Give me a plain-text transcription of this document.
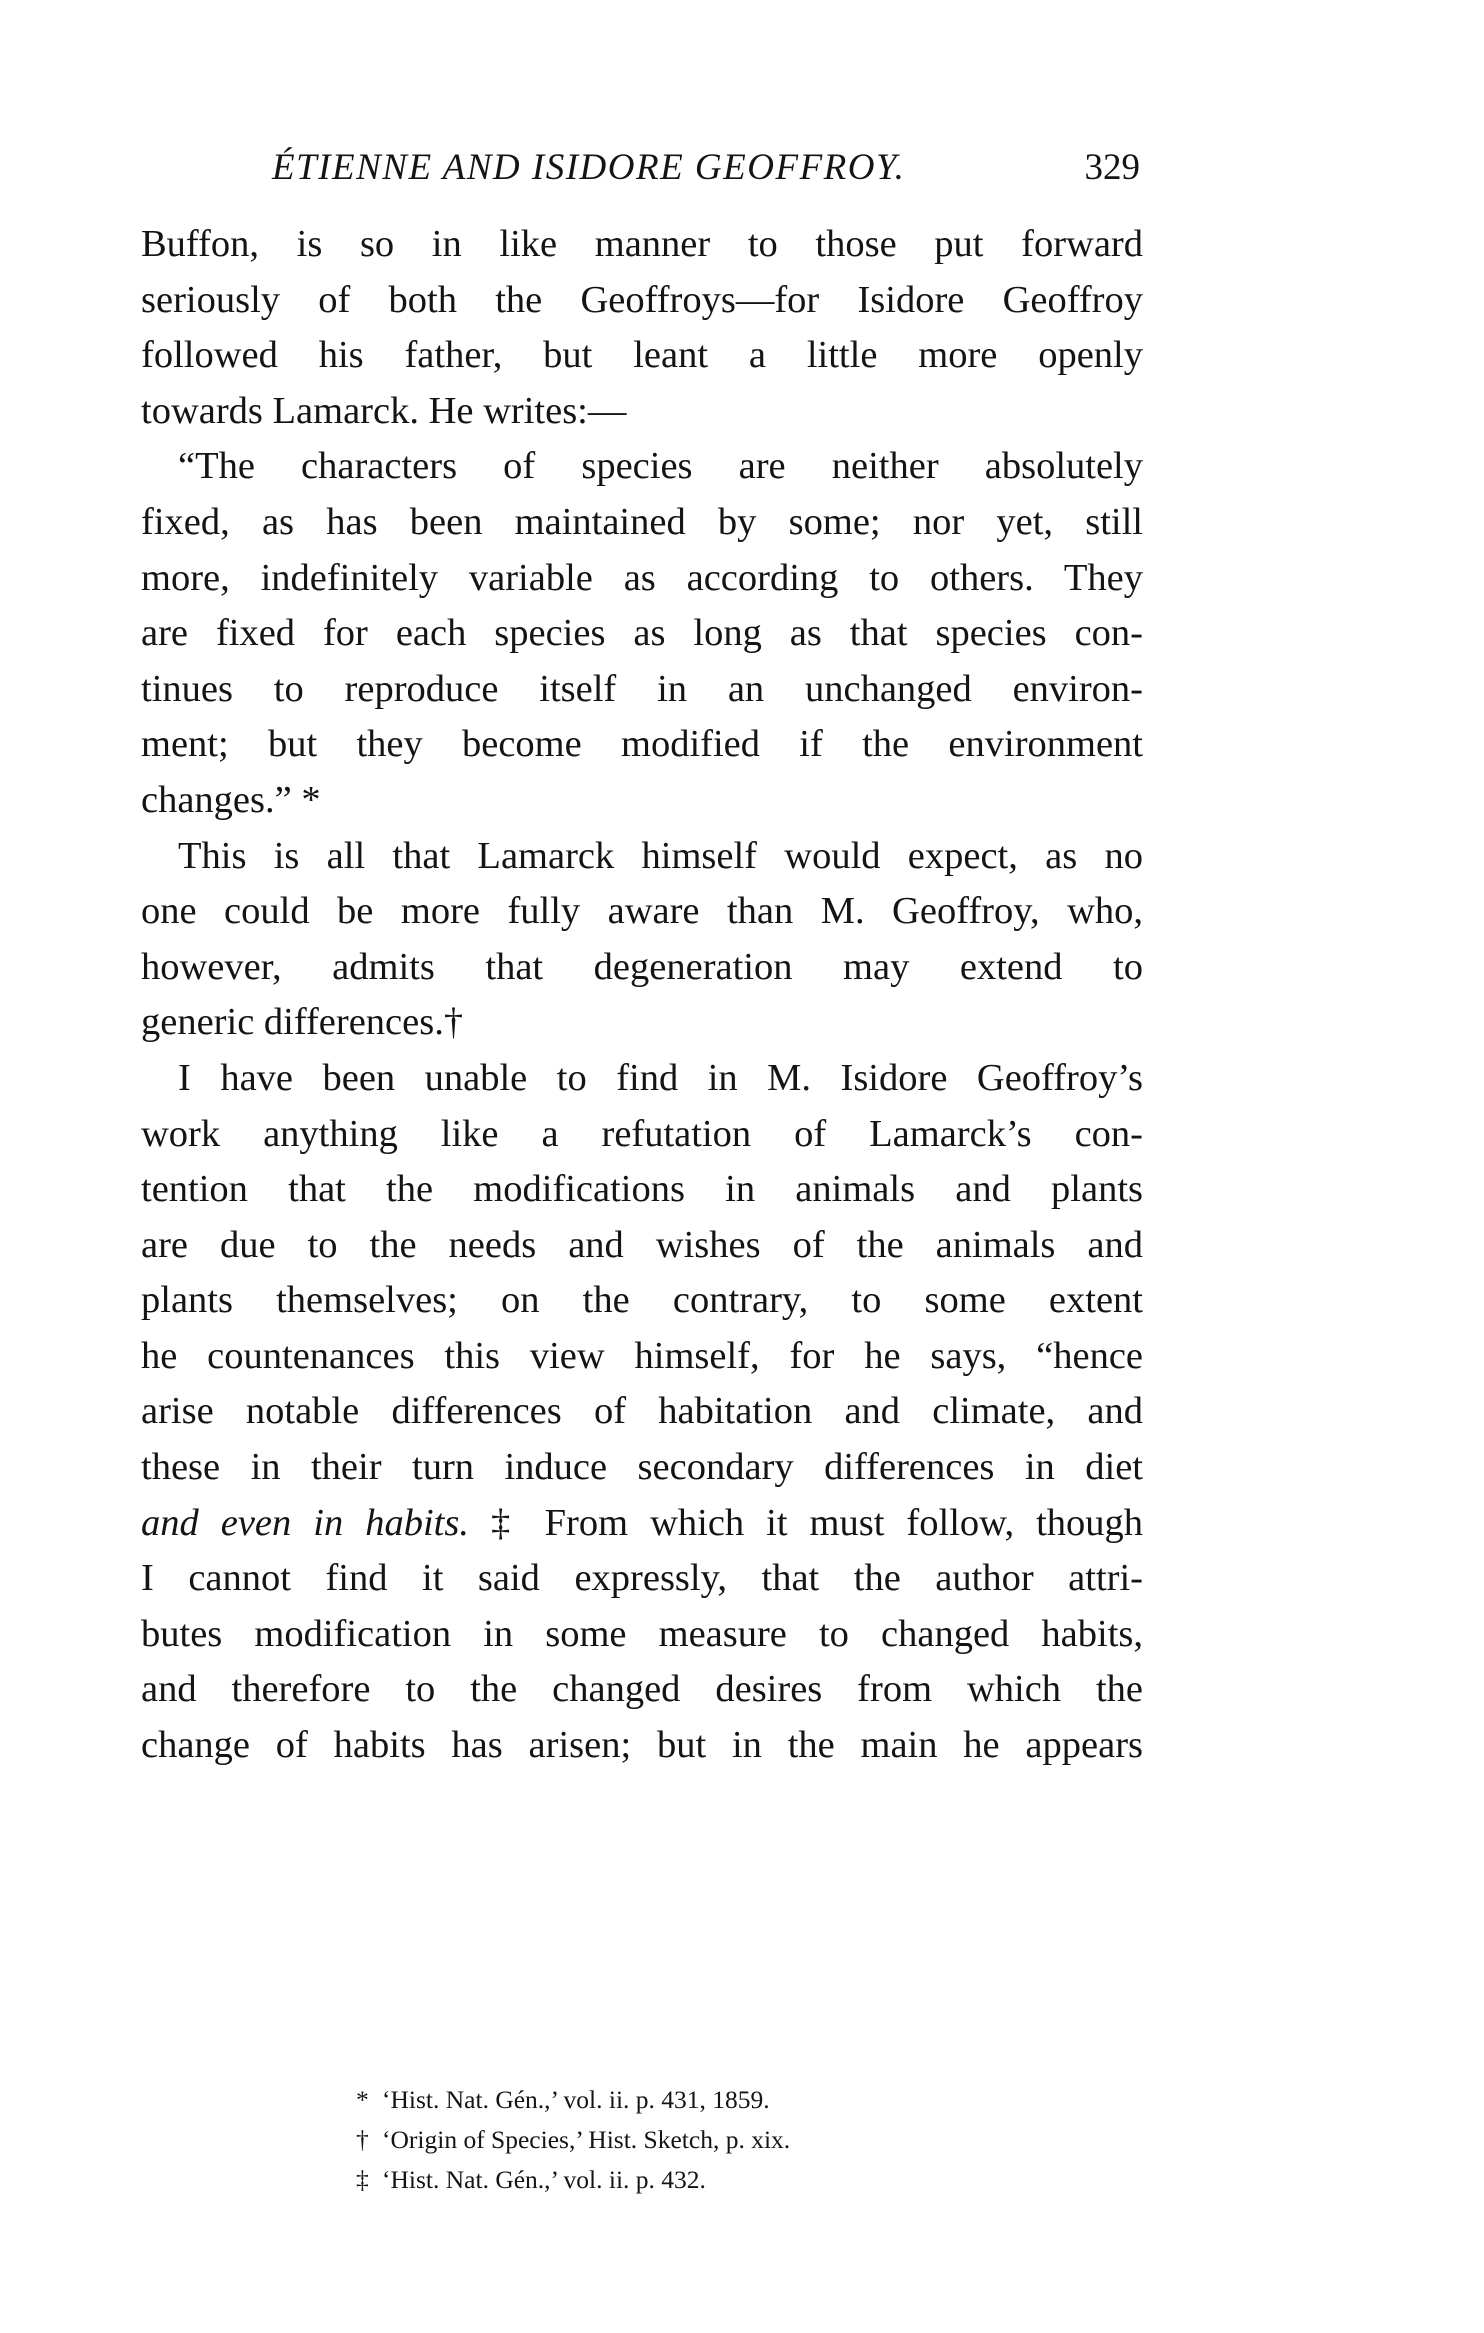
ÉTIENNE AND ISIDORE GEOFFROY.	329
Buffon, is so in like manner to those put forward
seriously of both the Geoffroys—for Isidore Geoffroy
followed his father, but leant a little more openly
towards Lamarck. He writes:—
“The characters of species are neither absolutely
fixed, as has been maintained by some; nor yet, still
more, indefinitely variable as according to others. They
are fixed for each species as long as that species con-
tinues to reproduce itself in an unchanged environ-
ment; but they become modified if the environment
changes.” *
This is all that Lamarck himself would expect, as no
one could be more fully aware than M. Geoffroy, who,
however, admits that degeneration may extend to
generic differences.†
I have been unable to find in M. Isidore Geoffroy’s
work anything like a refutation of Lamarck’s con-
tention that the modifications in animals and plants
are due to the needs and wishes of the animals and
plants themselves; on the contrary, to some extent
he countenances this view himself, for he says, “hence
arise notable differences of habitation and climate, and
these in their turn induce secondary differences in diet
and even in habits. ‡ From which it must follow, though
I cannot find it said expressly, that the author attri-
butes modification in some measure to changed habits,
and therefore to the changed desires from which the
change of habits has arisen; but in the main he appears
* ‘Hist. Nat. Gén.,’ vol. ii. p. 431, 1859.
† ‘Origin of Species,’ Hist. Sketch, p. xix.
‡ ‘Hist. Nat. Gén.,’ vol. ii. p. 432.
